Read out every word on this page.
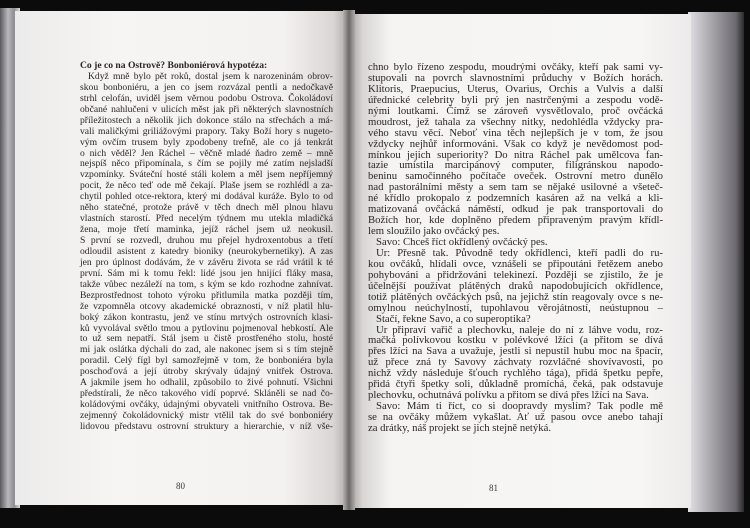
Co je co na Ostrově? Bonboniérová hypotéza:
Když mně bylo pět roků, dostal jsem k narozeninám obrov-
skou bonboniéru, a jen co jsem rozvázal pentli a nedočkavě
strhl celofán, uviděl jsem věrnou podobu Ostrova. Čokoládoví
občané nahlučeni v ulicích měst jak při některých slavnostních
příležitostech a několik jich dokonce stálo na střechách a má-
vali maličkými griliážovými prapory. Taky Boží hory s nugeto-
vým ovčím trusem byly zpodobeny trefně, ale co já tenkrát
o nich věděl? Jen Ráchel – věčně mladé ňadro země – mně
nejspíš něco připomínala, s čím se pojily mé zatím nejsladší
vzpomínky. Sváteční hosté stáli kolem a měl jsem nepříjemný
pocit, že něco teď ode mě čekají. Plaše jsem se rozhlédl a za-
chytil pohled otce-rektora, který mi dodával kuráže. Bylo to od
něho statečné, protože právě v těch dnech měl plnou hlavu
vlastních starostí. Před necelým týdnem mu utekla mladičká
žena, moje třetí maminka, jejíž ráchel jsem už neokusil.
S první se rozvedl, druhou mu přejel hydroxentobus a třetí
odloudil asistent z katedry bioniky (neurokybernetiky). A zas
jen pro úplnost dodávám, že v závěru života se rád vrátil k té
první. Sám mi k tomu řekl: lidé jsou jen hnijící fláky masa,
takže vůbec nezáleží na tom, s kým se kdo rozhodne zahnívat.
Bezprostřednost tohoto výroku přitlumila matka později tím,
že vzpomněla otcovy akademické obraznosti, v níž platil hlu-
boký zákon kontrastu, jenž ve stínu mrtvých ostrovních klasi-
ků vyvolával světlo tmou a pytlovinu pojmenoval hebkostí. Ale
to už sem nepatří. Stál jsem u čistě prostřeného stolu, hosté
mi jak oslátka dýchali do zad, ale nakonec jsem si s tím stejně
poradil. Celý fígl byl samozřejmě v tom, že bonboniéra byla
poschoďová a její útroby skrývaly údajný vnitřek Ostrova.
A jakmile jsem ho odhalil, způsobilo to živé pohnutí. Všichni
předstírali, že něco takového vidí poprvé. Skláněli se nad čo-
koládovými ovčáky, údajnými obyvateli vnitřního Ostrova. Be-
zejmenný čokoládovnický mistr vtělil tak do své bonboniéry
lidovou představu ostrovní struktury a hierarchie, v níž vše-
80
chno bylo řízeno zespodu, moudrými ovčáky, kteří pak sami vy-
stupovali na povrch slavnostními průduchy v Božích horách.
Klitoris, Praepucius, Uterus, Ovarius, Orchis a Vulvis a další
úřednické celebrity byli prý jen nastrčenými a zespodu vodě-
nými loutkami. Čímž se zároveň vysvětlovalo, proč ovčácká
moudrost, jež tahala za všechny nitky, nedohlédla vždycky pra-
vého stavu věcí. Neboť vina těch nejlepších je v tom, že jsou
vždycky nejhůř informováni. Však co když je nevědomost pod-
mínkou jejich superiority? Do nitra Ráchel pak umělcova fan-
tazie umístila marcipánový computer, filigránskou napodo-
beninu samočinného počítače oveček. Ostrovní metro dunělo
nad pastorálními městy a sem tam se nějaké usilovné a všeteč-
né křídlo prokopalo z podzemních kasáren až na velká a kli-
matizovaná ovčácká náměstí, odkud je pak transportovali do
Božích hor, kde doplněno předem připraveným pravým křídl-
lem sloužilo jako ovčácký pes.
Savo: Chceš říct okřídlený ovčácký pes.
Ur: Přesně tak. Původně tedy okřídlenci, kteří padli do ru-
kou ovčáků, hlídali ovce, vznášeli se připoutáni řetězem anebo
pohybováni a přidržováni telekinezí. Později se zjistilo, že je
účelnější používat plátěných draků napodobujících okřídlence,
totiž plátěných ovčáckých psů, na jejichž stín reagovaly ovce s ne-
omylnou neúchylností, tupohlavou věrojátností, neústupnou –
Stačí, řekne Savo, a co superoptika?
Ur připraví vařič a plechovku, naleje do ní z láhve vodu, roz-
mačká polívkovou kostku v polévkové lžíci (a přitom se dívá
přes lžíci na Sava a uvažuje, jestli si nepustil hubu moc na špacír,
už přece zná ty Savovy záchvaty rozvláčné shovívavosti, po
nichž vždy následuje šťouch rychlého tága), přidá špetku pepře,
přidá čtyři špetky soli, důkladně promíchá, čeká, pak odstavuje
plechovku, ochutnává polívku a přitom se dívá přes lžíci na Sava.
Savo: Mám ti říct, co si doopravdy myslím? Tak podle mě
se na ovčáky můžem vykašlat. Ať už pasou ovce anebo tahají
za drátky, náš projekt se jich stejně netýká.
81
